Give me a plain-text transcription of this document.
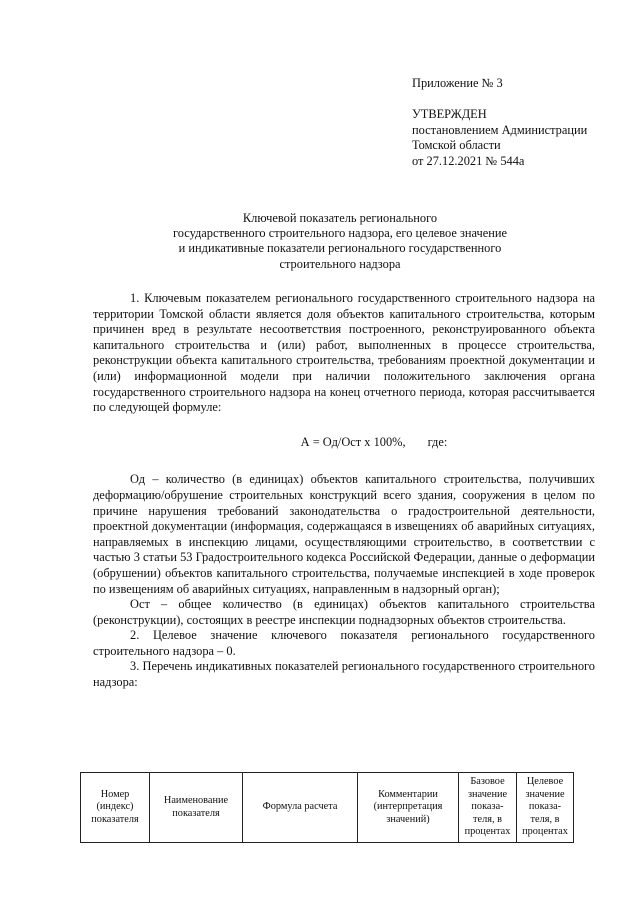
Приложение № 3
УТВЕРЖДЕН
постановлением Администрации
Томской области
от 27.12.2021 № 544а
Ключевой показатель регионального
государственного строительного надзора, его целевое значение
и индикативные показатели регионального государственного
строительного надзора

1. Ключевым показателем регионального государственного строительного надзора на территории Томской области является доля объектов капитального строительства, которым причинен вред в результате несоответствия построенного, реконструированного объекта капитального строительства и (или) работ, выполненных в процессе строительства, реконструкции объекта капитального строительства, требованиям проектной документации и (или) информационной модели при наличии положительного заключения органа государственного строительного надзора на конец отчетного периода, которая рассчитывается по следующей формуле:

А = Од/Ост х 100%, где:

Од – количество (в единицах) объектов капитального строительства, получивших деформацию/обрушение строительных конструкций всего здания, сооружения в целом по причине нарушения требований законодательства о градостроительной деятельности, проектной документации (информация, содержащаяся в извещениях об аварийных ситуациях, направляемых в инспекцию лицами, осуществляющими строительство, в соответствии с частью 3 статьи 53 Градостроительного кодекса Российской Федерации, данные о деформации (обрушении) объектов капитального строительства, получаемые инспекцией в ходе проверок по извещениям об аварийных ситуациях, направленным в надзорный орган);

Ост – общее количество (в единицах) объектов капитального строительства (реконструкции), состоящих в реестре инспекции поднадзорных объектов строительства.

2. Целевое значение ключевого показателя регионального государственного строительного надзора – 0.

3. Перечень индикативных показателей регионального государственного строительного надзора:

Номер (индекс) показателя	Наименование показателя	Формула расчета	Комментарии (интерпретация значений)	Базовое значение показа-теля, в процентах	Целевое значение показа-теля, в процентах
